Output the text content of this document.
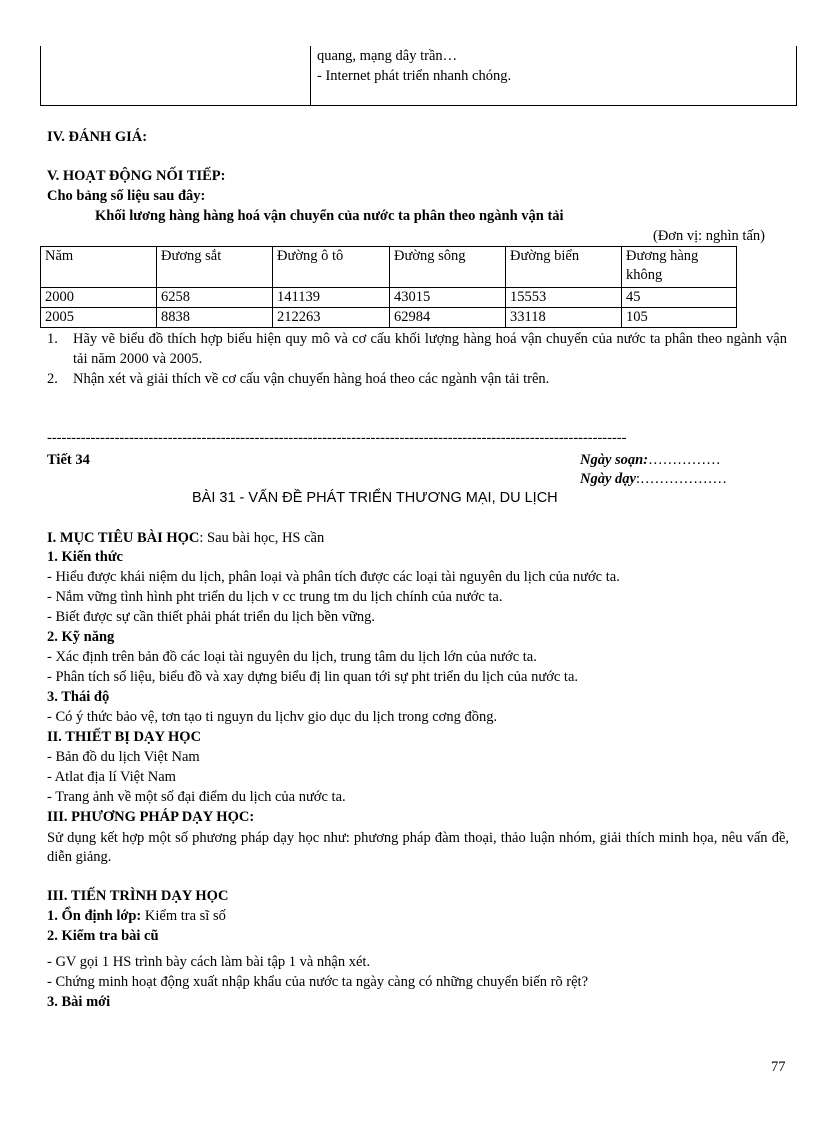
quang, mạng dây trần…
- Internet phát triển nhanh chóng.
IV. ĐÁNH GIÁ:
V. HOẠT ĐỘNG NỐI TIẾP:
Cho bảng số liệu sau đây:
Khối lương hàng hàng hoá vận chuyển của nước ta phân theo ngành vận tải
(Đơn vị: nghìn tấn)
Năm	Đương sắt	Đường ô tô	Đường sông	Đường biển	Đương hàng
không
2000	6258	141139	43015	15553	45
2005	8838	212263	62984	33118	105
1. Hãy vẽ biểu đồ thích hợp biểu hiện quy mô và cơ cấu khối lượng hàng hoá vận chuyển của nước ta phân theo ngành vận tải năm 2000 và 2005.
2. Nhận xét và giải thích về cơ cấu vận chuyển hàng hoá theo các ngành vận tải trên.
------------------------------------------------------------------------------------------------------------------------
Tiết 34	Ngày soạn:……………
Ngày dạy:………………
BÀI 31 - VẤN ĐỀ PHÁT TRIỂN THƯƠNG MẠI, DU LỊCH
I. MỤC TIÊU BÀI HỌC: Sau bài học, HS cần
1. Kiến thức
- Hiểu được khái niệm du lịch, phân loại và phân tích được các loại tài nguyên du lịch của nước ta.
- Nắm vững tình hình pht triển du lịch v cc trung tm du lịch chính của nước ta.
- Biết được sự cần thiết phải phát triển du lịch bền vững.
2. Kỹ năng
- Xác định trên bản đồ các loại tài nguyên du lịch, trung tâm du lịch lớn của nước ta.
- Phân tích số liệu, biểu đồ và xay dựng biểu đị lin quan tới sự pht triển du lịch của nước ta.
3. Thái độ
- Có ý thức bảo vệ, tơn tạo ti nguyn du lịchv gio dục du lịch trong cơng đồng.
II. THIẾT BỊ DẠY HỌC
- Bản đồ du lịch Việt Nam
- Atlat địa lí Việt Nam
- Trang ảnh về một số đại điểm du lịch của nước ta.
III. PHƯƠNG PHÁP DẠY HỌC:
Sử dụng kết hợp một số phương pháp dạy học như: phương pháp đàm thoại, thảo luận nhóm, giải thích minh họa, nêu vấn đề, diễn giảng.
III. TIẾN TRÌNH DẠY HỌC
1. Ổn định lớp: Kiểm tra sĩ số
2. Kiểm tra bài cũ
- GV gọi 1 HS trình bày cách làm bài tập 1 và nhận xét.
- Chứng minh hoạt động xuất nhập khẩu của nước ta ngày càng có những chuyển biến rõ rệt?
3. Bài mới
77
